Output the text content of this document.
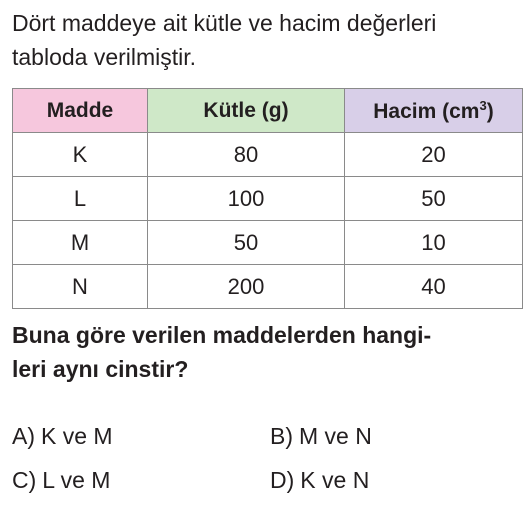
Dört maddeye ait kütle ve hacim değerleri
tabloda verilmiştir.
Madde	Kütle (g)	Hacim $(cm^3)$
K	80	20
L	100	50
M	50	10
N	200	40
Buna göre verilen maddelerden hangi-
leri aynı cinstir?
A) K ve M	B) M ve N
C) L ve M	D) K ve N
